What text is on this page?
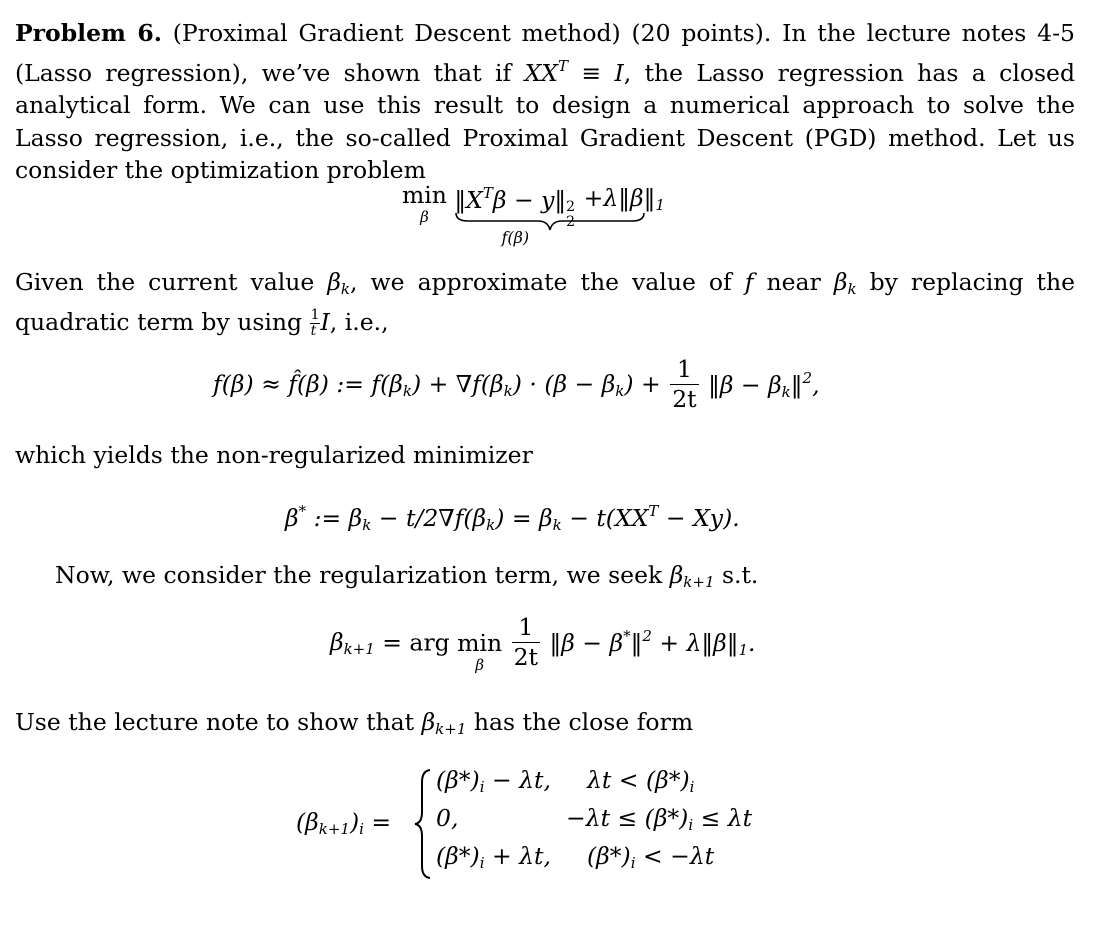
Problem 6. (Proximal Gradient Descent method) (20 points). In the lecture notes 4-5 (Lasso regression), we’ve shown that if $XX^T \equiv I$, the Lasso regression has a closed analytical form. We can use this result to design a numerical approach to solve the Lasso regression, i.e., the so-called Proximal Gradient Descent (PGD) method. Let us consider the optimization problem
min
β
$‖X^T\beta$ − y‖ 2
2
f(β)
$+\lambda‖\beta‖_1$
Given the current value $\beta_k$, we approximate the value of f near $\beta_k$ by replacing the quadratic term by using $\frac{1}{t} I$, i.e.,
f(β) ≈ f̂(β) := $f(\beta_k) + \nabla f(\beta_k) \cdot (\beta - \beta_k) + \frac{1}{2t}$ ‖β − $\beta_k‖^2$,
which yields the non-regularized minimizer
β* := $\beta_k - t/2\nabla f(\beta_k) = \beta_k - t(XX^T - Xy)$.
Now, we consider the regularization term, we seek $\beta_{k+1}$ s.t.
$\beta_{k+1}$ = arg min
β
	$\frac{1}{2t}$ ‖β − β*‖$^2$ + $\lambda‖\beta‖_1$.
Use the lecture note to show that $\beta_{k+1}$ has the close form
$(\beta_{k+1})_i$ =
$(\beta*)_i - \lambda t$, $\lambda t < (\beta*)_i$
0,	$-\lambda t \le (\beta*)_i \le \lambda t$
$(\beta*)_i + \lambda t$, $(\beta*)_i < -\lambda t$
